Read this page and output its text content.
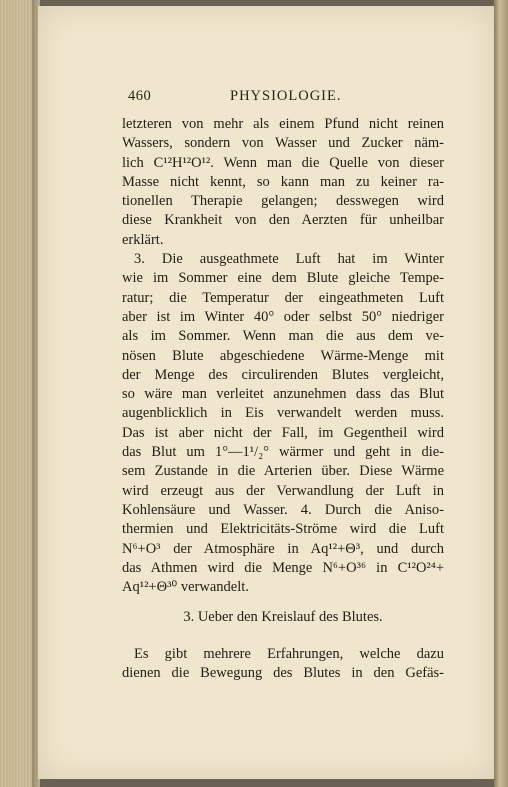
460	PHYSIOLOGIE.
letzteren von mehr als einem Pfund nicht reinen
Wassers, sondern von Wasser und Zucker näm-
lich C¹²H¹²O¹². Wenn man die Quelle von dieser
Masse nicht kennt, so kann man zu keiner ra-
tionellen Therapie gelangen; desswegen wird
diese Krankheit von den Aerzten für unheilbar
erklärt.
3. Die ausgeathmete Luft hat im Winter
wie im Sommer eine dem Blute gleiche Tempe-
ratur; die Temperatur der eingeathmeten Luft
aber ist im Winter 40° oder selbst 50° niedriger
als im Sommer. Wenn man die aus dem ve-
nösen Blute abgeschiedene Wärme-Menge mit
der Menge des circulirenden Blutes vergleicht,
so wäre man verleitet anzunehmen dass das Blut
augenblicklich in Eis verwandelt werden muss.
Das ist aber nicht der Fall, im Gegentheil wird
das Blut um 1°—1¹/₂° wärmer und geht in die-
sem Zustande in die Arterien über. Diese Wärme
wird erzeugt aus der Verwandlung der Luft in
Kohlensäure und Wasser. 4. Durch die Aniso-
thermien und Elektricitäts-Ströme wird die Luft
N⁶+O³ der Atmosphäre in Aq¹²+Θ³, und durch
das Athmen wird die Menge N⁶+O³⁶ in C¹²O²⁴+
Aq¹²+Θ³⁰ verwandelt.
3. Ueber den Kreislauf des Blutes.
Es gibt mehrere Erfahrungen, welche dazu
dienen die Bewegung des Blutes in den Gefäs-
